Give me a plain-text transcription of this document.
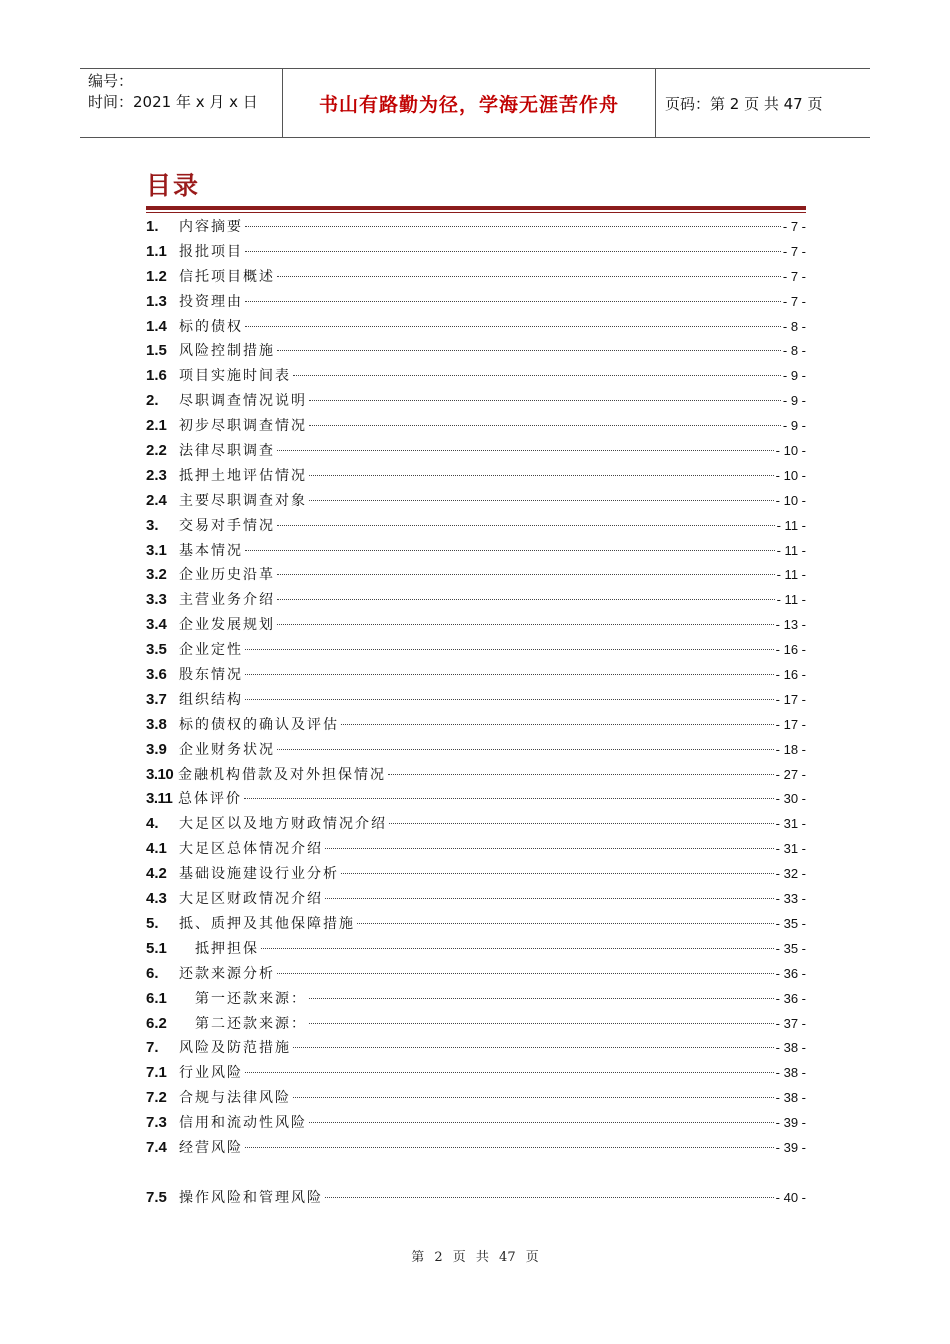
编号：
时间：2021 年 x 月 x 日	书山有路勤为径，学海无涯苦作舟	页码：第 2 页 共 47 页
目录
1.	内容摘要	- 7 -
1.1 报批项目	- 7 -
1.2 信托项目概述	- 7 -
1.3 投资理由	- 7 -
1.4 标的债权	- 8 -
1.5 风险控制措施	- 8 -
1.6 项目实施时间表	- 9 -
2.	尽职调查情况说明	- 9 -
2.1 初步尽职调查情况	- 9 -
2.2 法律尽职调查	- 10 -
2.3 抵押土地评估情况	- 10 -
2.4 主要尽职调查对象	- 10 -
3.	交易对手情况	- 11 -
3.1 基本情况	- 11 -
3.2 企业历史沿革	- 11 -
3.3 主营业务介绍	- 11 -
3.4 企业发展规划	- 13 -
3.5 企业定性	- 16 -
3.6 股东情况	- 16 -
3.7 组织结构	- 17 -
3.8 标的债权的确认及评估	- 17 -
3.9 企业财务状况	- 18 -
3.10 金融机构借款及对外担保情况	- 27 -
3.11 总体评价	- 30 -
4.	大足区以及地方财政情况介绍	- 31 -
4.1 大足区总体情况介绍	- 31 -
4.2 基础设施建设行业分析	- 32 -
4.3 大足区财政情况介绍	- 33 -
5.	抵、质押及其他保障措施	- 35 -
5.1	抵押担保	- 35 -
6.	还款来源分析	- 36 -
6.1	第一还款来源：	- 36 -
6.2	第二还款来源：	- 37 -
7.	风险及防范措施	- 38 -
7.1 行业风险	- 38 -
7.2 合规与法律风险	- 38 -
7.3 信用和流动性风险	- 39 -
7.4 经营风险	- 39 -
7.5 操作风险和管理风险	- 40 -
第 2 页 共 47 页
